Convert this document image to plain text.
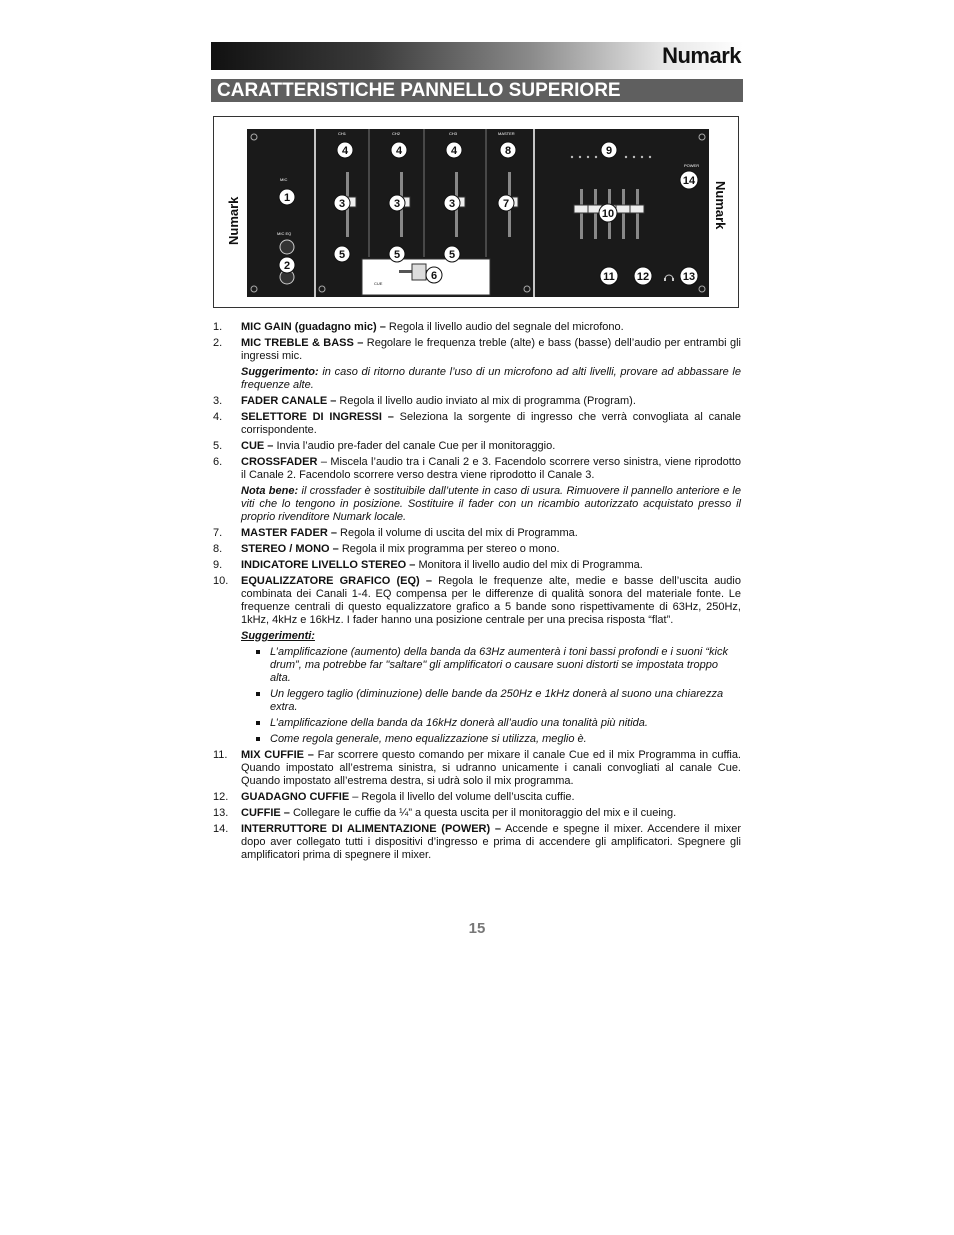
Numark
CARATTERISTICHE PANNELLO SUPERIORE
Numark	Numark
MIC
MIC EQ
CH1	CH2	CH3	MASTER
CUE
POWER
1
2
3	3	3
4	4	4
5	5	5
6
7
8	9
10
11 12	13
14
1. MIC GAIN (guadagno mic) – Regola il livello audio del segnale del microfono.
2. MIC TREBLE & BASS – Regolare le frequenza treble (alte) e bass (basse) dell’audio per entrambi gli ingressi mic.
Suggerimento: in caso di ritorno durante l’uso di un microfono ad alti livelli, provare ad abbassare le frequenze alte.
3. FADER CANALE – Regola il livello audio inviato al mix di programma (Program).
4. SELETTORE DI INGRESSI – Seleziona la sorgente di ingresso che verrà convogliata al canale corrispondente.
5. CUE – Invia l’audio pre-fader del canale Cue per il monitoraggio.
6. CROSSFADER – Miscela l’audio tra i Canali 2 e 3. Facendolo scorrere verso sinistra, viene riprodotto il Canale 2. Facendolo scorrere verso destra viene riprodotto il Canale 3.
Nota bene: il crossfader è sostituibile dall’utente in caso di usura. Rimuovere il pannello anteriore e le viti che lo tengono in posizione. Sostituire il fader con un ricambio autorizzato acquistato presso il proprio rivenditore Numark locale.
7. MASTER FADER – Regola il volume di uscita del mix di Programma.
8. STEREO / MONO – Regola il mix programma per stereo o mono.
9. INDICATORE LIVELLO STEREO – Monitora il livello audio del mix di Programma.
10. EQUALIZZATORE GRAFICO (EQ) – Regola le frequenze alte, medie e basse dell’uscita audio combinata dei Canali 1-4. EQ compensa per le differenze di qualità sonora del materiale fonte. Le frequenze centrali di questo equalizzatore grafico a 5 bande sono rispettivamente di 63Hz, 250Hz, 1kHz, 4kHz e 16kHz. I fader hanno una posizione centrale per una precisa risposta “flat”.
Suggerimenti:
L’amplificazione (aumento) della banda da 63Hz aumenterà i toni bassi profondi e i suoni “kick drum”, ma potrebbe far "saltare" gli amplificatori o causare suoni distorti se impostata troppo alta.
Un leggero taglio (diminuzione) delle bande da 250Hz e 1kHz donerà al suono una chiarezza extra.
L’amplificazione della banda da 16kHz donerà all’audio una tonalità più nitida.
Come regola generale, meno equalizzazione si utilizza, meglio è.
11. MIX CUFFIE – Far scorrere questo comando per mixare il canale Cue ed il mix Programma in cuffia. Quando impostato all’estrema sinistra, si udranno unicamente i canali convogliati al canale Cue. Quando impostato all’estrema destra, si udrà solo il mix programma.
12. GUADAGNO CUFFIE – Regola il livello del volume dell’uscita cuffie.
13. CUFFIE – Collegare le cuffie da ¼” a questa uscita per il monitoraggio del mix e il cueing.
14. INTERRUTTORE DI ALIMENTAZIONE (POWER) – Accende e spegne il mixer. Accendere il mixer dopo aver collegato tutti i dispositivi d’ingresso e prima di accendere gli amplificatori. Spegnere gli amplificatori prima di spegnere il mixer.
15
